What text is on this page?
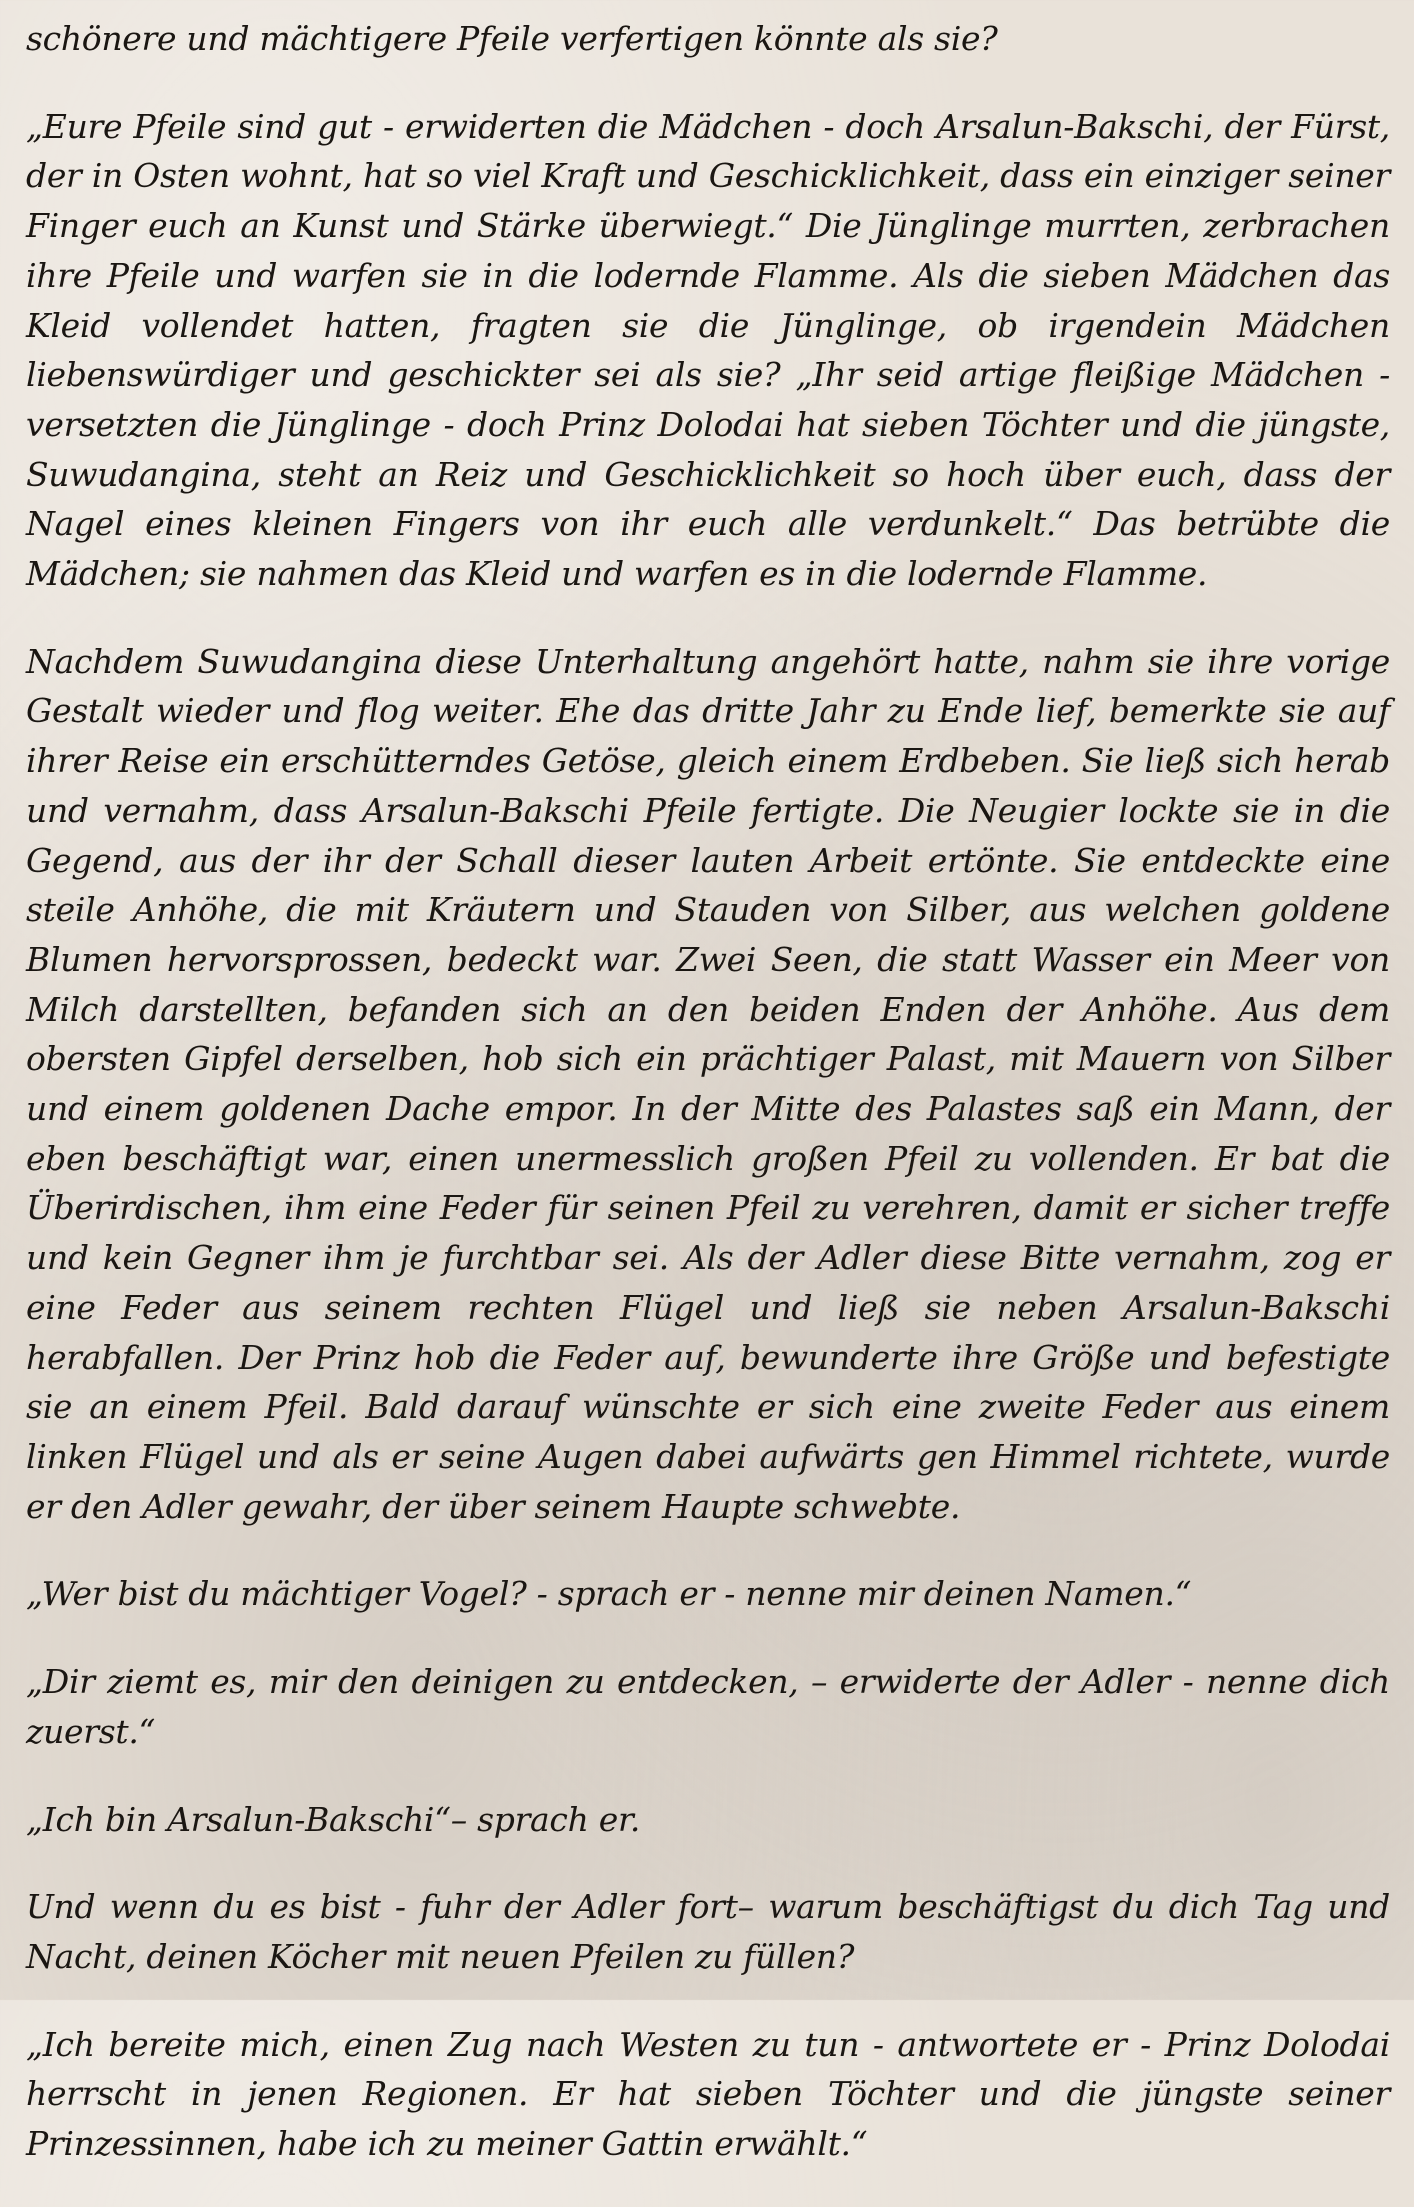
schönere und mächtigere Pfeile verfertigen könnte als sie?

„Eure Pfeile sind gut - erwiderten die Mädchen - doch Arsalun-Bakschi, der Fürst, der in Osten wohnt, hat so viel Kraft und Geschicklichkeit, dass ein einziger seiner Finger euch an Kunst und Stärke überwiegt.“ Die Jünglinge murrten, zerbrachen ihre Pfeile und warfen sie in die lodernde Flamme. Als die sieben Mädchen das Kleid vollendet hatten, fragten sie die Jünglinge, ob irgendein Mädchen liebenswürdiger und geschickter sei als sie? „Ihr seid artige fleißige Mädchen - versetzten die Jünglinge - doch Prinz Dolodai hat sieben Töchter und die jüngste, Suwudangina, steht an Reiz und Geschicklichkeit so hoch über euch, dass der Nagel eines kleinen Fingers von ihr euch alle verdunkelt.“ Das betrübte die Mädchen; sie nahmen das Kleid und warfen es in die lodernde Flamme.

Nachdem Suwudangina diese Unterhaltung angehört hatte, nahm sie ihre vorige Gestalt wieder und flog weiter. Ehe das dritte Jahr zu Ende lief, bemerkte sie auf ihrer Reise ein erschütterndes Getöse, gleich einem Erdbeben. Sie ließ sich herab und vernahm, dass Arsalun-Bakschi Pfeile fertigte. Die Neugier lockte sie in die Gegend, aus der ihr der Schall dieser lauten Arbeit ertönte. Sie entdeckte eine steile Anhöhe, die mit Kräutern und Stauden von Silber, aus welchen goldene Blumen hervorsprossen, bedeckt war. Zwei Seen, die statt Wasser ein Meer von Milch darstellten, befanden sich an den beiden Enden der Anhöhe. Aus dem obersten Gipfel derselben, hob sich ein prächtiger Palast, mit Mauern von Silber und einem goldenen Dache empor. In der Mitte des Palastes saß ein Mann, der eben beschäftigt war, einen unermesslich großen Pfeil zu vollenden. Er bat die Überirdischen, ihm eine Feder für seinen Pfeil zu verehren, damit er sicher treffe und kein Gegner ihm je furchtbar sei. Als der Adler diese Bitte vernahm, zog er eine Feder aus seinem rechten Flügel und ließ sie neben Arsalun-Bakschi herabfallen. Der Prinz hob die Feder auf, bewunderte ihre Größe und befestigte sie an einem Pfeil. Bald darauf wünschte er sich eine zweite Feder aus einem linken Flügel und als er seine Augen dabei aufwärts gen Himmel richtete, wurde er den Adler gewahr, der über seinem Haupte schwebte.

„Wer bist du mächtiger Vogel? - sprach er - nenne mir deinen Namen.“

„Dir ziemt es, mir den deinigen zu entdecken, – erwiderte der Adler - nenne dich zuerst.“

„Ich bin Arsalun-Bakschi“– sprach er.

Und wenn du es bist - fuhr der Adler fort– warum beschäftigst du dich Tag und Nacht, deinen Köcher mit neuen Pfeilen zu füllen?

„Ich bereite mich, einen Zug nach Westen zu tun - antwortete er - Prinz Dolodai herrscht in jenen Regionen. Er hat sieben Töchter und die jüngste seiner Prinzessinnen, habe ich zu meiner Gattin erwählt.“
